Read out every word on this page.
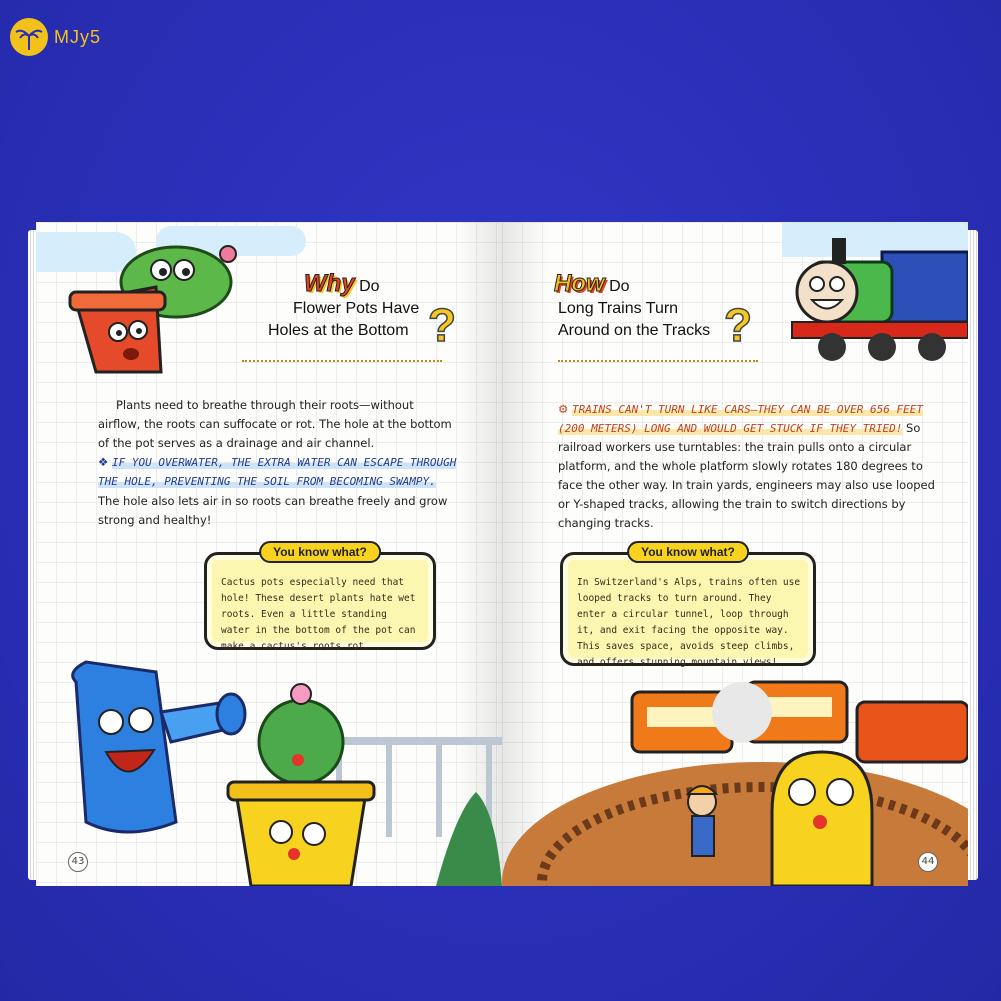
MJy5
Why Do
Flower Pots Have
Holes at the Bottom ?
Plants need to breathe through their roots—without airflow, the roots can suffocate or rot. The hole at the bottom of the pot serves as a drainage and air channel.
❖ IF YOU OVERWATER, THE EXTRA WATER CAN ESCAPE THROUGH THE HOLE, PREVENTING THE SOIL FROM BECOMING SWAMPY.
The hole also lets air in so roots can breathe freely and grow strong and healthy!
You know what?
Cactus pots especially need that hole! These desert plants hate wet roots. Even a little standing water in the bottom of the pot can make a cactus's roots rot.
43
How Do
Long Trains Turn
Around on the Tracks ?
⚙ TRAINS CAN'T TURN LIKE CARS—THEY CAN BE OVER 656 FEET (200 METERS) LONG AND WOULD GET STUCK IF THEY TRIED! So railroad workers use turntables: the train pulls onto a circular platform, and the whole platform slowly rotates 180 degrees to face the other way. In train yards, engineers may also use looped or Y-shaped tracks, allowing the train to switch directions by changing tracks.
You know what?
In Switzerland's Alps, trains often use looped tracks to turn around. They enter a circular tunnel, loop through it, and exit facing the opposite way. This saves space, avoids steep climbs, and offers stunning mountain views!
44
